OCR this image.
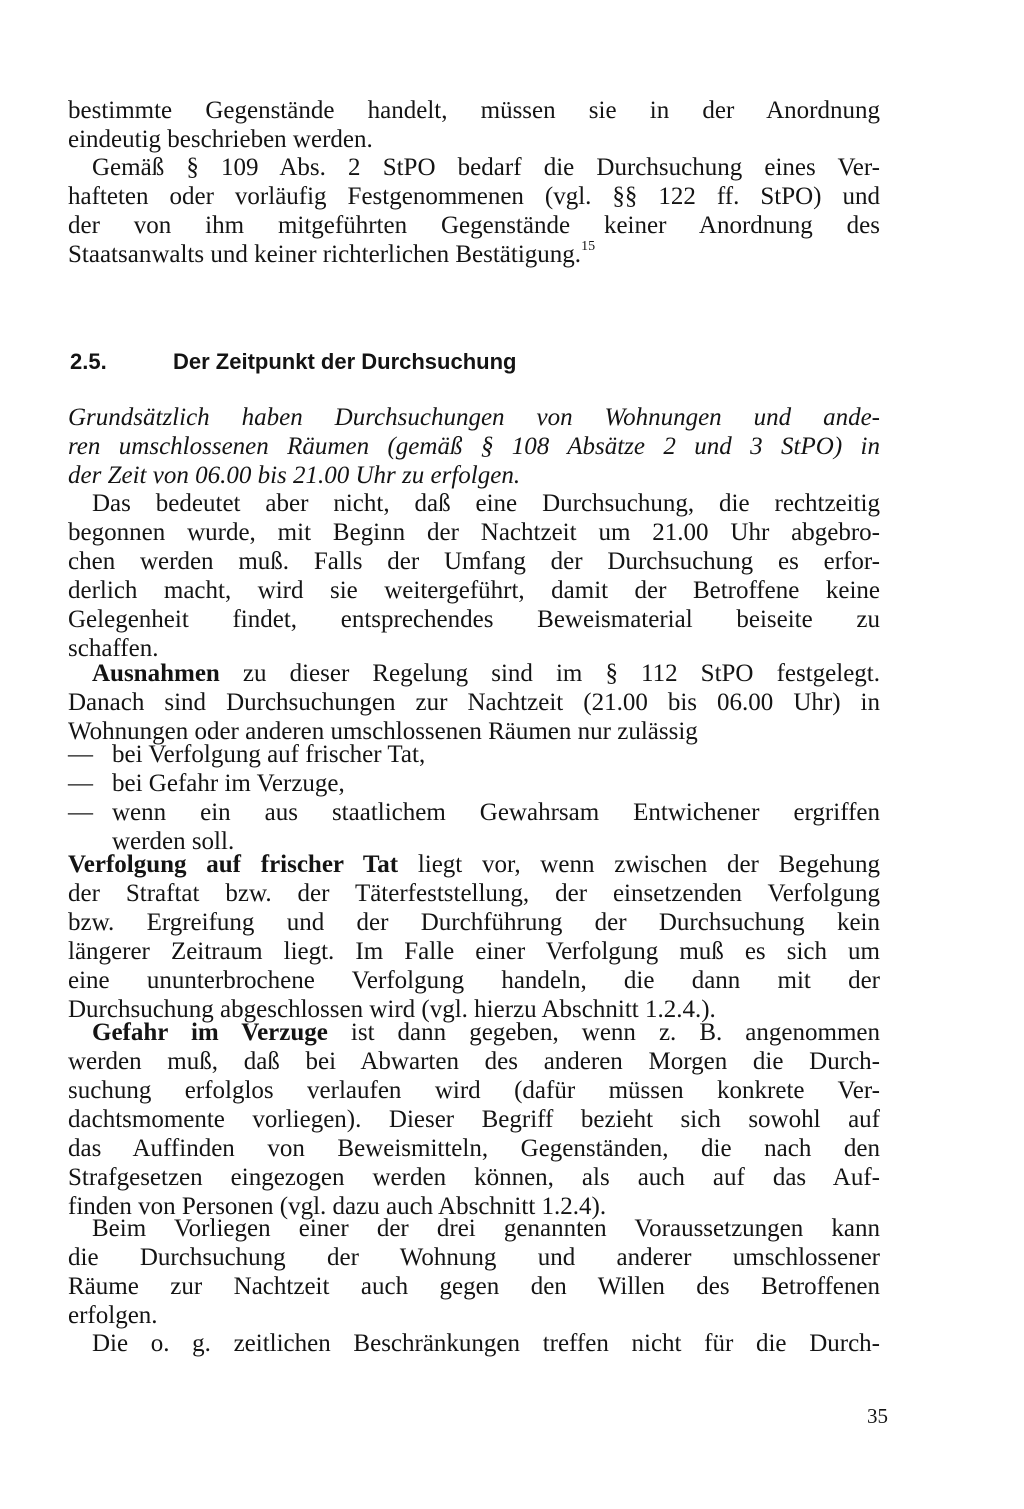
bestimmte Gegenstände handelt, müssen sie in der Anordnung
eindeutig beschrieben werden.
Gemäß § 109 Abs. 2 StPO bedarf die Durchsuchung eines Ver-
hafteten oder vorläufig Festgenommenen (vgl. §§ 122 ff. StPO) und
der von ihm mitgeführten Gegenstände keiner Anordnung des
Staatsanwalts und keiner richterlichen Bestätigung.$^{15}$
2.5.	Der Zeitpunkt der Durchsuchung
Grundsätzlich haben Durchsuchungen von Wohnungen und ande-
ren umschlossenen Räumen (gemäß § 108 Absätze 2 und 3 StPO) in
der Zeit von 06.00 bis 21.00 Uhr zu erfolgen.
Das bedeutet aber nicht, daß eine Durchsuchung, die rechtzeitig
begonnen wurde, mit Beginn der Nachtzeit um 21.00 Uhr abgebro-
chen werden muß. Falls der Umfang der Durchsuchung es erfor-
derlich macht, wird sie weitergeführt, damit der Betroffene keine
Gelegenheit findet, entsprechendes Beweismaterial beiseite zu
schaffen.
Ausnahmen zu dieser Regelung sind im § 112 StPO festgelegt.
Danach sind Durchsuchungen zur Nachtzeit (21.00 bis 06.00 Uhr) in
Wohnungen oder anderen umschlossenen Räumen nur zulässig
— bei Verfolgung auf frischer Tat,
— bei Gefahr im Verzuge,
— wenn ein aus staatlichem Gewahrsam Entwichener ergriffen
werden soll.
Verfolgung auf frischer Tat liegt vor, wenn zwischen der Begehung
der Straftat bzw. der Täterfeststellung, der einsetzenden Verfolgung
bzw. Ergreifung und der Durchführung der Durchsuchung kein
längerer Zeitraum liegt. Im Falle einer Verfolgung muß es sich um
eine ununterbrochene Verfolgung handeln, die dann mit der
Durchsuchung abgeschlossen wird (vgl. hierzu Abschnitt 1.2.4.).
Gefahr im Verzuge ist dann gegeben, wenn z. B. angenommen
werden muß, daß bei Abwarten des anderen Morgen die Durch-
suchung erfolglos verlaufen wird (dafür müssen konkrete Ver-
dachtsmomente vorliegen). Dieser Begriff bezieht sich sowohl auf
das Auffinden von Beweismitteln, Gegenständen, die nach den
Strafgesetzen eingezogen werden können, als auch auf das Auf-
finden von Personen (vgl. dazu auch Abschnitt 1.2.4).
Beim Vorliegen einer der drei genannten Voraussetzungen kann
die Durchsuchung der Wohnung und anderer umschlossener
Räume zur Nachtzeit auch gegen den Willen des Betroffenen
erfolgen.
Die o. g. zeitlichen Beschränkungen treffen nicht für die Durch-
35
